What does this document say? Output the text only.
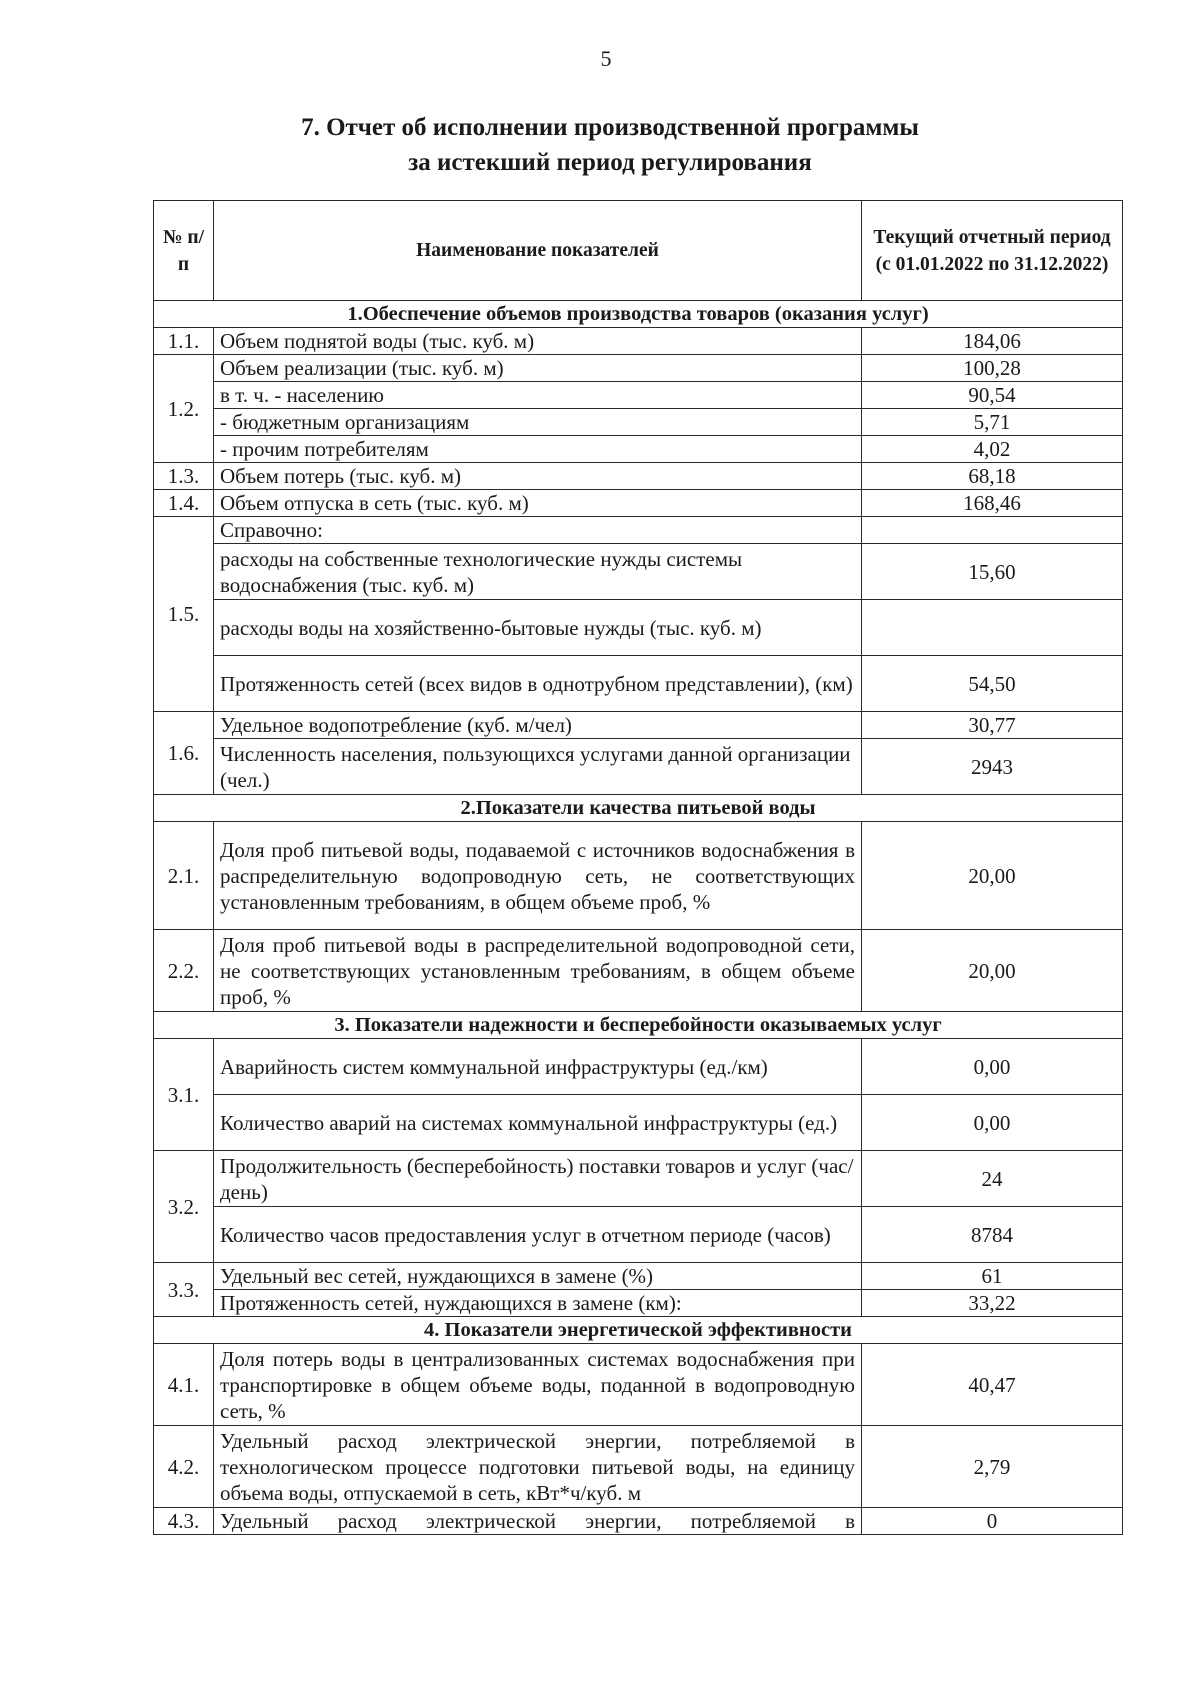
5
7. Отчет об исполнении производственной программы
за истекший период регулирования
№ п/п	Наименование показателей	Текущий отчетный период (с 01.01.2022 по 31.12.2022)
1.Обеспечение объемов производства товаров (оказания услуг)		
1.1.	Объем поднятой воды (тыс. куб. м)	184,06
1.2.	Объем реализации (тыс. куб. м)	100,28
	в т. ч. - населению	90,54
	- бюджетным организациям	5,71
	- прочим потребителям	4,02
1.3.	Объем потерь (тыс. куб. м)	68,18
1.4.	Объем отпуска в сеть (тыс. куб. м)	168,46
1.5.	Справочно:	
	расходы на собственные технологические нужды системы водоснабжения (тыс. куб. м)	15,60
	расходы воды на хозяйственно-бытовые нужды (тыс. куб. м)	
	Протяженность сетей (всех видов в однотрубном представлении), (км)	54,50
1.6.	Удельное водопотребление (куб. м/чел)	30,77
	Численность населения, пользующихся услугами данной организации (чел.)	2943
2.Показатели качества питьевой воды		
2.1.	Доля проб питьевой воды, подаваемой с источников водоснабжения в распределительную водопроводную сеть, не соответствующих установленным требованиям, в общем объеме проб, %	20,00
2.2.	Доля проб питьевой воды в распределительной водопроводной сети, не соответствующих установленным требованиям, в общем объеме проб, %	20,00
3. Показатели надежности и бесперебойности оказываемых услуг		
3.1.	Аварийность систем коммунальной инфраструктуры (ед./км)	0,00
	Количество аварий на системах коммунальной инфраструктуры (ед.)	0,00
3.2.	Продолжительность (бесперебойность) поставки товаров и услуг (час/день)	24
	Количество часов предоставления услуг в отчетном периоде (часов)	8784
3.3.	Удельный вес сетей, нуждающихся в замене (%)	61
	Протяженность сетей, нуждающихся в замене (км):	33,22
4. Показатели энергетической эффективности		
4.1.	Доля потерь воды в централизованных системах водоснабжения при транспортировке в общем объеме воды, поданной в водопроводную сеть, %	40,47
4.2.	Удельный расход электрической энергии, потребляемой в технологическом процессе подготовки питьевой воды, на единицу объема воды, отпускаемой в сеть, кВт*ч/куб. м	2,79
4.3.	Удельный расход электрической энергии, потребляемой в	0
